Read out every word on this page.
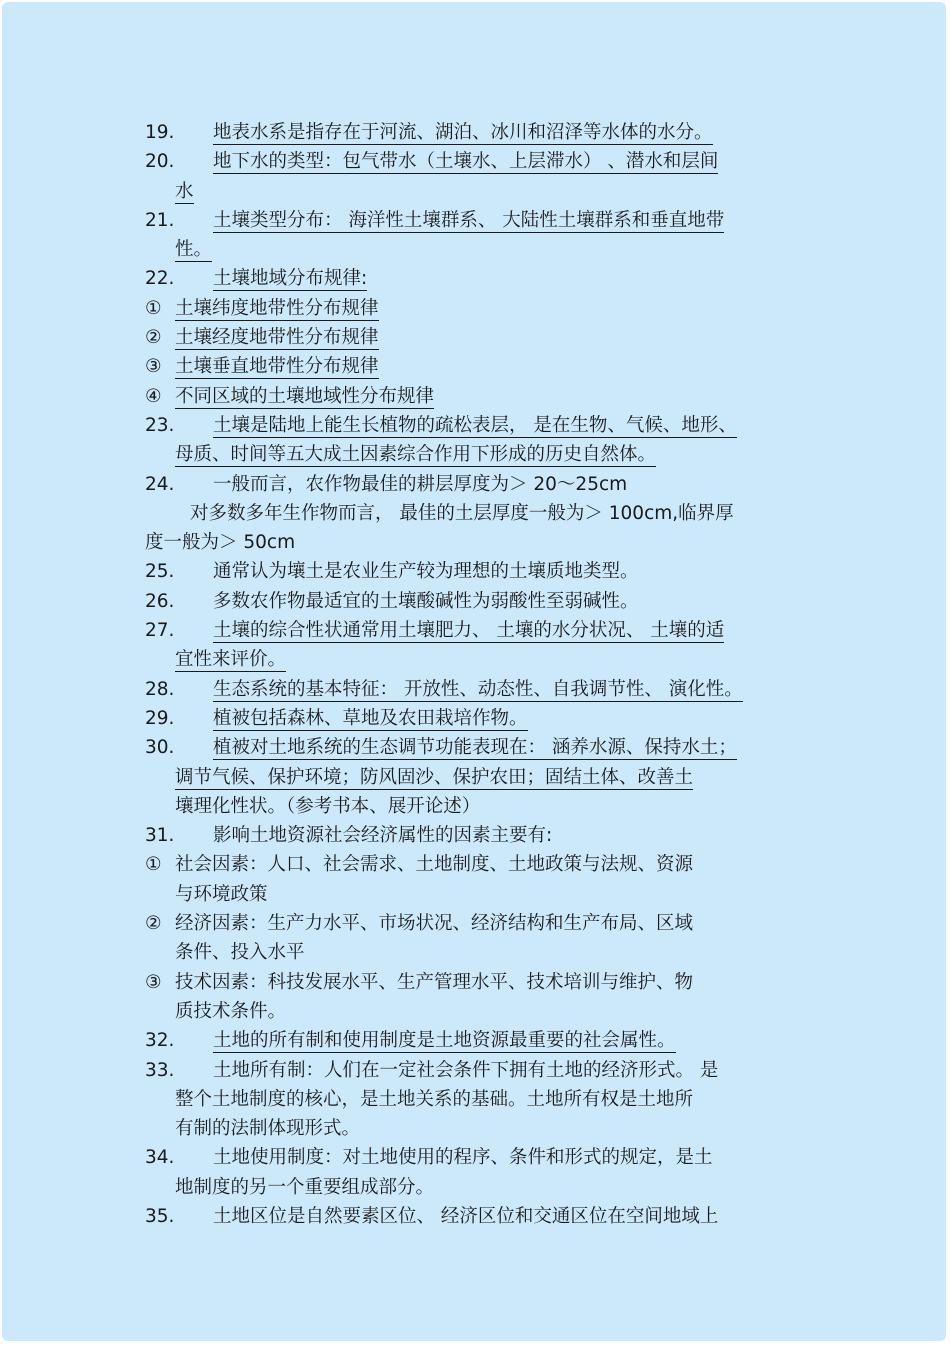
19. 地表水系是指存在于河流、湖泊、冰川和沼泽等水体的水分。
20. 地下水的类型：包气带水（土壤水、上层滞水） 、潜水和层间
水
21. 土壤类型分布： 海洋性土壤群系、 大陆性土壤群系和垂直地带
性。
22. 土壤地域分布规律:
① 土壤纬度地带性分布规律
② 土壤经度地带性分布规律
③ 土壤垂直地带性分布规律
④ 不同区域的土壤地域性分布规律
23. 土壤是陆地上能生长植物的疏松表层， 是在生物、气候、地形、
母质、时间等五大成土因素综合作用下形成的历史自然体。
24. 一般而言，农作物最佳的耕层厚度为＞ 20～25cm
对多数多年生作物而言， 最佳的土层厚度一般为＞ 100cm,临界厚
度一般为＞ 50cm
25. 通常认为壤土是农业生产较为理想的土壤质地类型。
26. 多数农作物最适宜的土壤酸碱性为弱酸性至弱碱性。
27. 土壤的综合性状通常用土壤肥力、 土壤的水分状况、 土壤的适
宜性来评价。
28. 生态系统的基本特征： 开放性、动态性、自我调节性、 演化性。
29. 植被包括森林、草地及农田栽培作物。
30. 植被对土地系统的生态调节功能表现在： 涵养水源、保持水土；
调节气候、保护环境；防风固沙、保护农田；固结土体、改善土
壤理化性状。（参考书本、展开论述）
31. 影响土地资源社会经济属性的因素主要有:
① 社会因素：人口、社会需求、土地制度、土地政策与法规、资源
与环境政策
② 经济因素：生产力水平、市场状况、经济结构和生产布局、区域
条件、投入水平
③ 技术因素：科技发展水平、生产管理水平、技术培训与维护、物
质技术条件。
32. 土地的所有制和使用制度是土地资源最重要的社会属性。
33. 土地所有制：人们在一定社会条件下拥有土地的经济形式。 是
整个土地制度的核心，是土地关系的基础。土地所有权是土地所
有制的法制体现形式。
34. 土地使用制度：对土地使用的程序、条件和形式的规定，是土
地制度的另一个重要组成部分。
35. 土地区位是自然要素区位、 经济区位和交通区位在空间地域上
